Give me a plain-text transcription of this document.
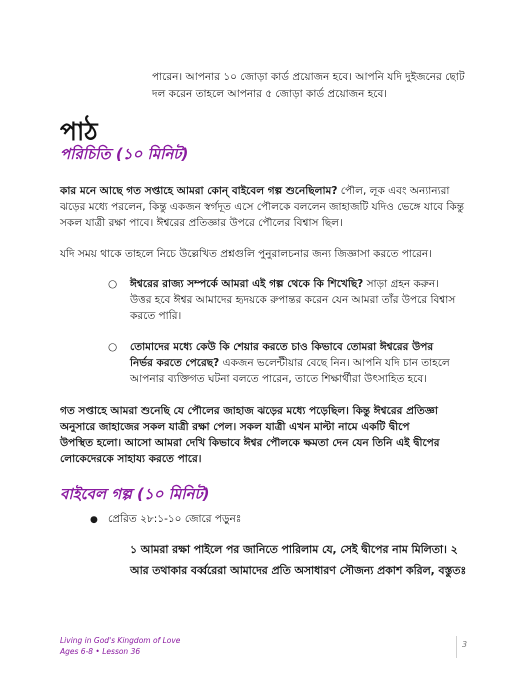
পারেন। আপনার ১০ জোড়া কার্ড প্রয়োজন হবে। আপনি যদি দুইজনের ছোট

দল করেন তাহলে আপনার ৫ জোড়া কার্ড প্রয়োজন হবে।

পাঠ
পরিচিতি (১০ মিনিট)

কার মনে আছে গত সপ্তাহে আমরা কোন্‌ বাইবেল গল্প শুনেছিলাম? পৌল, লূক এবং অন্যান্যরা

ঝড়ের মধ্যে পরলেন, কিন্তু একজন স্বর্গদূত এসে পৌলকে বললেন জাহাজটি যদিও ভেঙ্গে যাবে কিন্তু

সকল যাত্রী রক্ষা পাবে। ঈশ্বরের প্রতিজ্ঞার উপরে পৌলের বিশ্বাস ছিল।

যদি সময় থাকে তাহলে নিচে উল্লেখিত প্রশ্নগুলি পুনুরালচনার জন্য জিজ্ঞাসা করতে পারেন।

○ ঈশ্বরের রাজ্য সম্পর্কে আমরা এই গল্প থেকে কি শিখেছি? সাড়া গ্রহন করুন।

উত্তর হবে ঈশ্বর আমাদের হৃদয়কে রুপান্তর করেন যেন আমরা তাঁর উপরে বিশ্বাস

করতে পারি।

○ তোমাদের মধ্যে কেউ কি শেয়ার করতে চাও কিভাবে তোমরা ঈশ্বরের উপর

নির্ভর করতে পেরেছ? একজন ভলেন্টীয়ার বেছে নিন। আপনি যদি চান তাহলে

আপনার ব্যক্তিগত ঘটনা বলতে পারেন, তাতে শিক্ষার্থীরা উৎসাহিত হবে।

গত সপ্তাহে আমরা শুনেছি যে পৌলের জাহাজ ঝড়ের মধ্যে পড়েছিল। কিন্তু ঈশ্বরের প্রতিজ্ঞা

অনুসারে জাহাজের সকল যাত্রী রক্ষা পেল। সকল যাত্রী এখন মাল্টা নামে একটি দ্বীপে

উপস্থিত হলো। আসো আমরা দেখি কিভাবে ঈশ্বর পৌলকে ক্ষমতা দেন যেন তিনি এই দ্বীপের

লোকেদেরকে সাহায্য করতে পারে।

বাইবেল গল্প (১০ মিনিট)
● প্রেরিত ২৮:১-১০ জোরে পড়ুনঃ

১ আমরা রক্ষা পাইলে পর জানিতে পারিলাম যে, সেই দ্বীপের নাম মিলিতা। ২

আর তথাকার বর্ব্বরেরা আমাদের প্রতি অসাধারণ সৌজন্য প্রকাশ করিল, বস্তুতঃ

Living in God's Kingdom of Love
Ages 6-8 • Lesson 36
3
